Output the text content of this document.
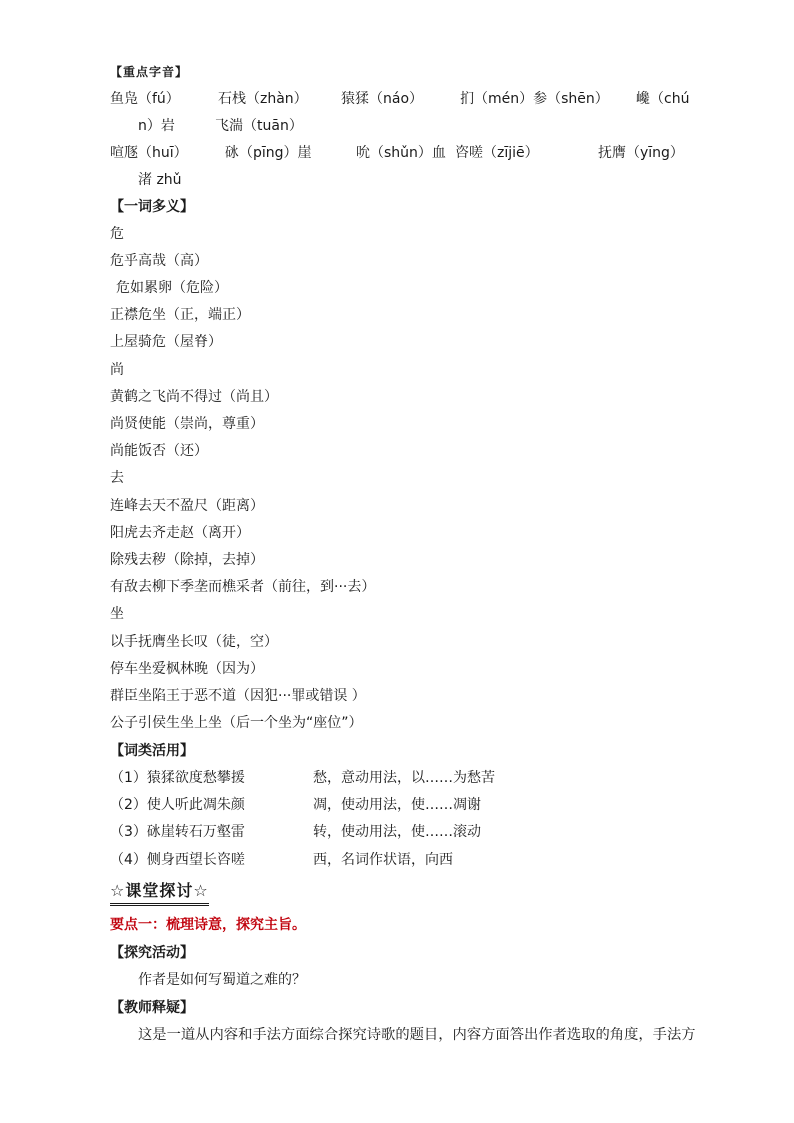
【重点字音】
鱼凫（fú）	石栈（zhàn） 猿猱（náo）	扪（mén）参（shēn） 巉（chú
n）岩	飞湍（tuān）
喧豗（huī）	砯（pīng）崖	吮（shǔn）血 咨嗟（zījiē）	抚膺（yīng）
渚 zhǔ
【一词多义】
危
危乎高哉（高）
危如累卵（危险）
正襟危坐（正，端正）
上屋骑危（屋脊）
尚
黄鹤之飞尚不得过（尚且）
尚贤使能（崇尚，尊重）
尚能饭否（还）
去
连峰去天不盈尺（距离）
阳虎去齐走赵（离开）
除残去秽（除掉，去掉）
有敌去柳下季垄而樵采者（前往，到···去）
坐
以手抚膺坐长叹（徒，空）
停车坐爱枫林晚（因为）
群臣坐陷王于恶不道（因犯···罪或错误 ）
公子引侯生坐上坐（后一个坐为“座位”）
【词类活用】
（1）猿猱欲度愁攀援	愁，意动用法，以……为愁苦
（2）使人听此凋朱颜	凋，使动用法，使……凋谢
（3）砯崖转石万壑雷	转，使动用法，使……滚动
（4）侧身西望长咨嗟	西，名词作状语，向西
☆课堂探讨☆
要点一：梳理诗意，探究主旨。
【探究活动】
作者是如何写蜀道之难的？
【教师释疑】
这是一道从内容和手法方面综合探究诗歌的题目，内容方面答出作者选取的角度，手法方
